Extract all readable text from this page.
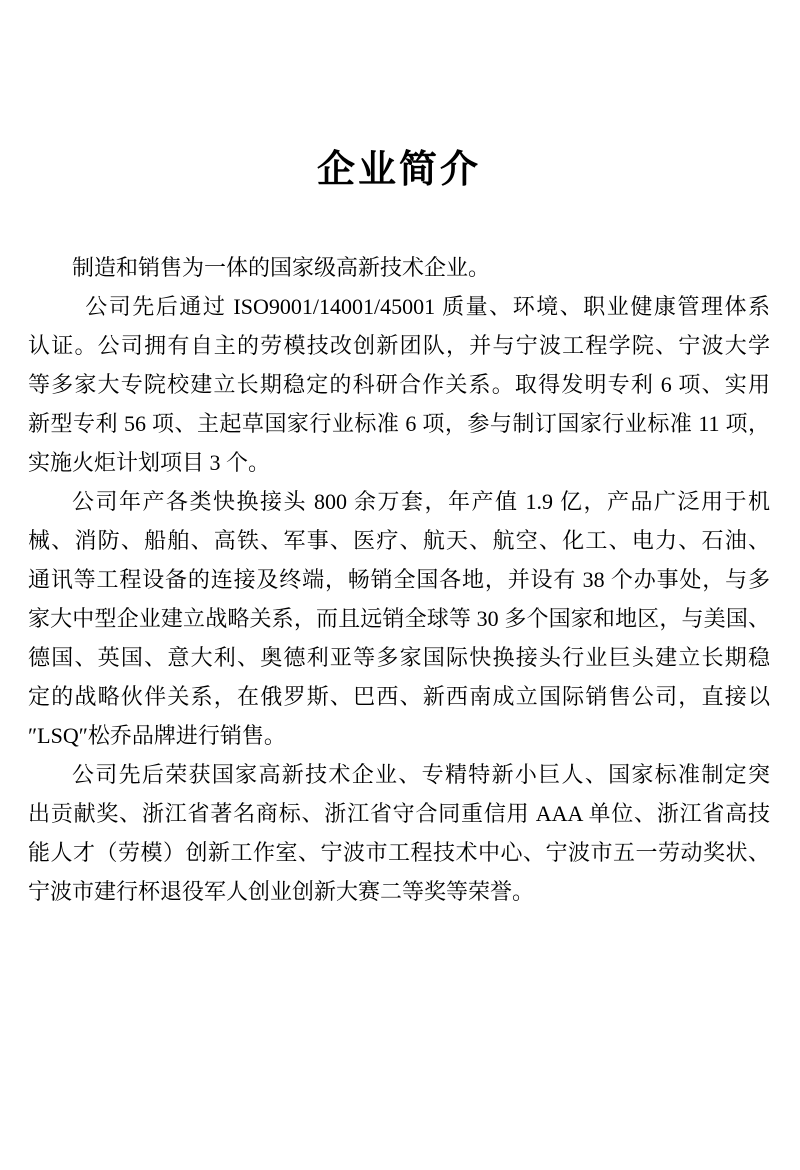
企业简介
制造和销售为一体的国家级高新技术企业。
公司先后通过 ISO9001/14001/45001 质量、环境、职业健康管理体系
认证。公司拥有自主的劳模技改创新团队，并与宁波工程学院、宁波大学
等多家大专院校建立长期稳定的科研合作关系。取得发明专利 6 项、实用
新型专利 56 项、主起草国家行业标准 6 项，参与制订国家行业标准 11 项，
实施火炬计划项目 3 个。
公司年产各类快换接头 800 余万套，年产值 1.9 亿，产品广泛用于机
械、消防、船舶、高铁、军事、医疗、航天、航空、化工、电力、石油、
通讯等工程设备的连接及终端，畅销全国各地，并设有 38 个办事处，与多
家大中型企业建立战略关系，而且远销全球等 30 多个国家和地区，与美国、
德国、英国、意大利、奥德利亚等多家国际快换接头行业巨头建立长期稳
定的战略伙伴关系，在俄罗斯、巴西、新西南成立国际销售公司，直接以
″LSQ″松乔品牌进行销售。
公司先后荣获国家高新技术企业、专精特新小巨人、国家标准制定突
出贡献奖、浙江省著名商标、浙江省守合同重信用 AAA 单位、浙江省高技
能人才（劳模）创新工作室、宁波市工程技术中心、宁波市五一劳动奖状、
宁波市建行杯退役军人创业创新大赛二等奖等荣誉。
